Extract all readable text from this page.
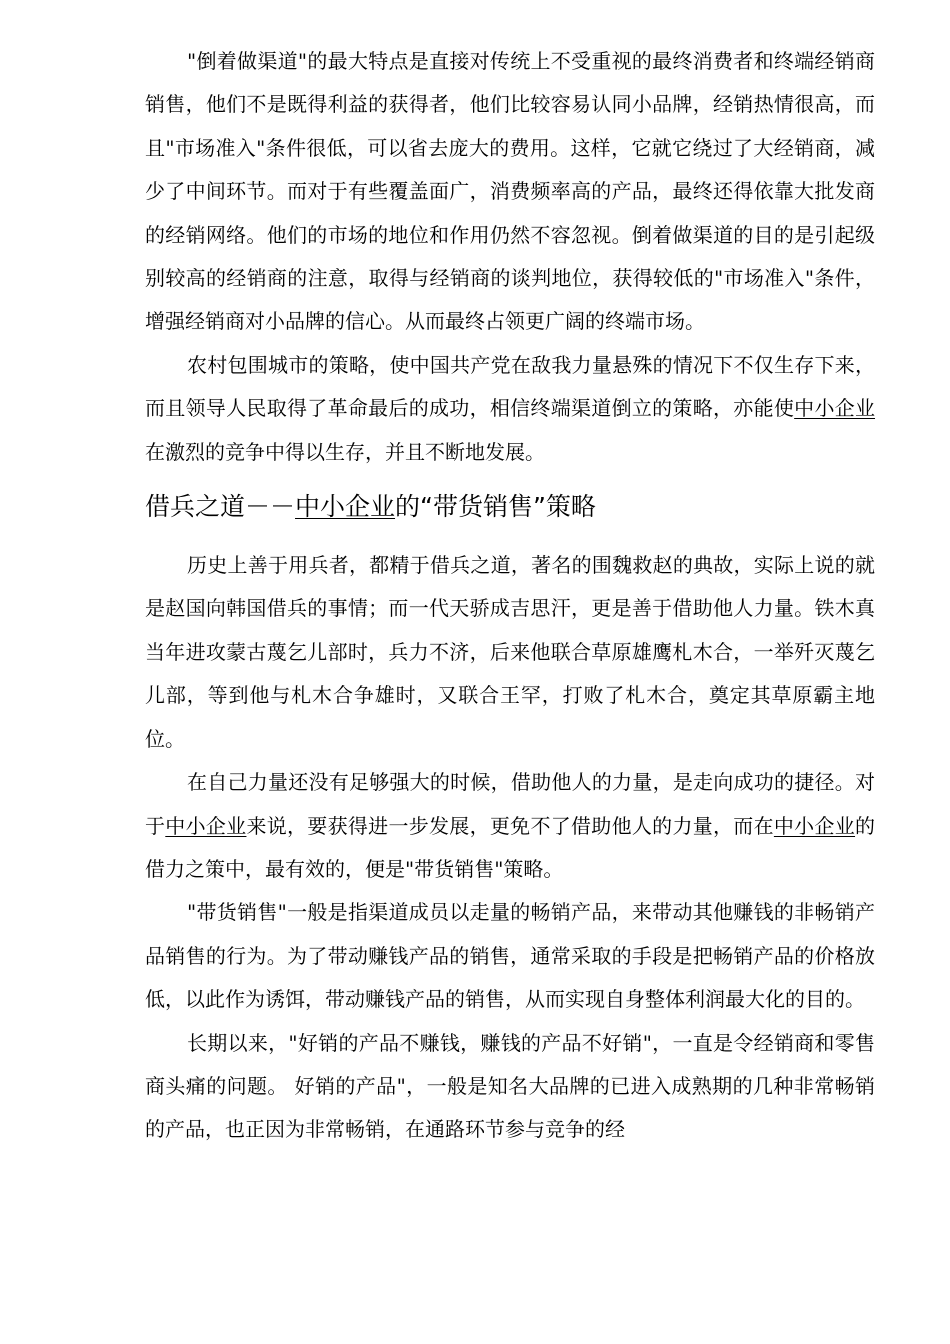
"倒着做渠道"的最大特点是直接对传统上不受重视的最终消费者和终端经销商销售，他们不是既得利益的获得者，他们比较容易认同小品牌，经销热情很高，而且"市场准入"条件很低，可以省去庞大的费用。这样，它就它绕过了大经销商，减少了中间环节。而对于有些覆盖面广，消费频率高的产品，最终还得依靠大批发商的经销网络。他们的市场的地位和作用仍然不容忽视。倒着做渠道的目的是引起级别较高的经销商的注意，取得与经销商的谈判地位，获得较低的"市场准入"条件，增强经销商对小品牌的信心。从而最终占领更广阔的终端市场。

农村包围城市的策略，使中国共产党在敌我力量悬殊的情况下不仅生存下来，而且领导人民取得了革命最后的成功，相信终端渠道倒立的策略，亦能使中小企业在激烈的竞争中得以生存，并且不断地发展。

借兵之道－－中小企业的“带货销售”策略

历史上善于用兵者，都精于借兵之道，著名的围魏救赵的典故，实际上说的就是赵国向韩国借兵的事情；而一代天骄成吉思汗，更是善于借助他人力量。铁木真当年进攻蒙古蔑乞儿部时，兵力不济，后来他联合草原雄鹰札木合，一举歼灭蔑乞儿部，等到他与札木合争雄时，又联合王罕，打败了札木合，奠定其草原霸主地位。

在自己力量还没有足够强大的时候，借助他人的力量，是走向成功的捷径。对于中小企业来说，要获得进一步发展，更免不了借助他人的力量，而在中小企业的借力之策中，最有效的，便是"带货销售"策略。

"带货销售"一般是指渠道成员以走量的畅销产品，来带动其他赚钱的非畅销产品销售的行为。为了带动赚钱产品的销售，通常采取的手段是把畅销产品的价格放低，以此作为诱饵，带动赚钱产品的销售，从而实现自身整体利润最大化的目的。

长期以来，"好销的产品不赚钱，赚钱的产品不好销"，一直是令经销商和零售商头痛的问题。 好销的产品"，一般是知名大品牌的已进入成熟期的几种非常畅销的产品，也正因为非常畅销，在通路环节参与竞争的经
